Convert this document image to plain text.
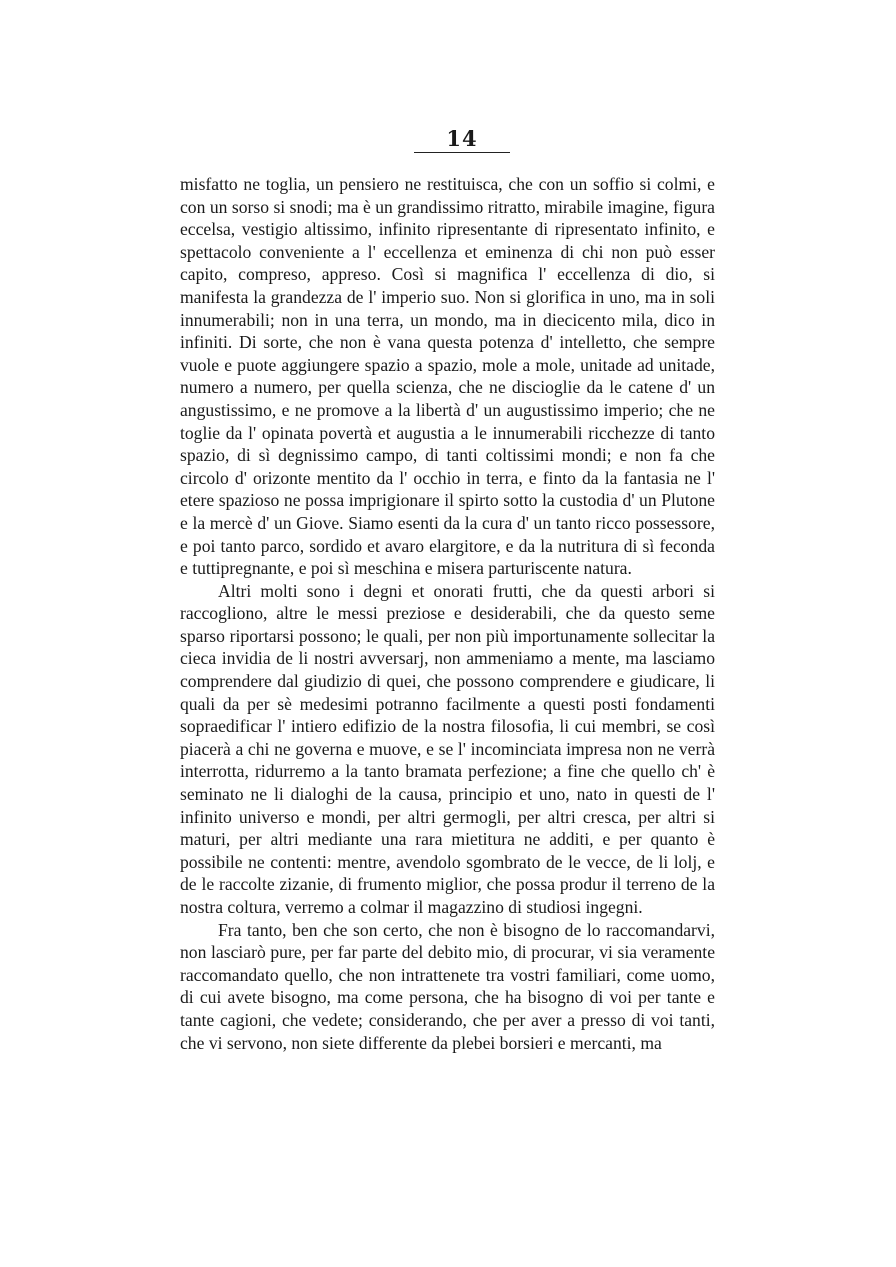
14

misfatto ne toglia, un pensiero ne restituisca, che con un soffio si colmi, e con un sorso si snodi; ma è un grandissimo ritratto, mirabile imagine, figura eccelsa, vestigio altissimo, infinito ripresentante di ripresentato infinito, e spettacolo conveniente a l' eccellenza et eminenza di chi non può esser capito, compreso, appreso. Così si magnifica l' eccellenza di dio, si manifesta la grandezza de l' imperio suo. Non si glorifica in uno, ma in soli innumerabili; non in una terra, un mondo, ma in diecicento mila, dico in infiniti. Di sorte, che non è vana questa potenza d' intelletto, che sempre vuole e puote aggiungere spazio a spazio, mole a mole, unitade ad unitade, numero a numero, per quella scienza, che ne discioglie da le catene d' un angustissimo, e ne promove a la libertà d' un augustissimo imperio; che ne toglie da l' opinata povertà et augustia a le innumerabili ricchezze di tanto spazio, di sì degnissimo campo, di tanti coltissimi mondi; e non fa che circolo d' orizonte mentito da l' occhio in terra, e finto da la fantasia ne l' etere spazioso ne possa imprigionare il spirto sotto la custodia d' un Plutone e la mercè d' un Giove. Siamo esenti da la cura d' un tanto ricco possessore, e poi tanto parco, sordido et avaro elargitore, e da la nutritura di sì feconda e tuttipregnante, e poi sì meschina e misera parturiscente natura.

Altri molti sono i degni et onorati frutti, che da questi arbori si raccogliono, altre le messi preziose e desiderabili, che da questo seme sparso riportarsi possono; le quali, per non più importunamente sollecitar la cieca invidia de li nostri avversarj, non ammeniamo a mente, ma lasciamo comprendere dal giudizio di quei, che possono comprendere e giudicare, li quali da per sè medesimi potranno facilmente a questi posti fondamenti sopraedificar l' intiero edifizio de la nostra filosofia, li cui membri, se così piacerà a chi ne governa e muove, e se l' incominciata impresa non ne verrà interrotta, ridurremo a la tanto bramata perfezione; a fine che quello ch' è seminato ne li dialoghi de la causa, principio et uno, nato in questi de l' infinito universo e mondi, per altri germogli, per altri cresca, per altri si maturi, per altri mediante una rara mietitura ne additi, e per quanto è possibile ne contenti: mentre, avendolo sgombrato de le vecce, de li lolj, e de le raccolte zizanie, di frumento miglior, che possa produr il terreno de la nostra coltura, verremo a colmar il magazzino di studiosi ingegni.

Fra tanto, ben che son certo, che non è bisogno de lo raccomandarvi, non lasciarò pure, per far parte del debito mio, di procurar, vi sia veramente raccomandato quello, che non intrattenete tra vostri familiari, come uomo, di cui avete bisogno, ma come persona, che ha bisogno di voi per tante e tante cagioni, che vedete; considerando, che per aver a presso di voi tanti, che vi servono, non siete differente da plebei borsieri e mercanti, ma
